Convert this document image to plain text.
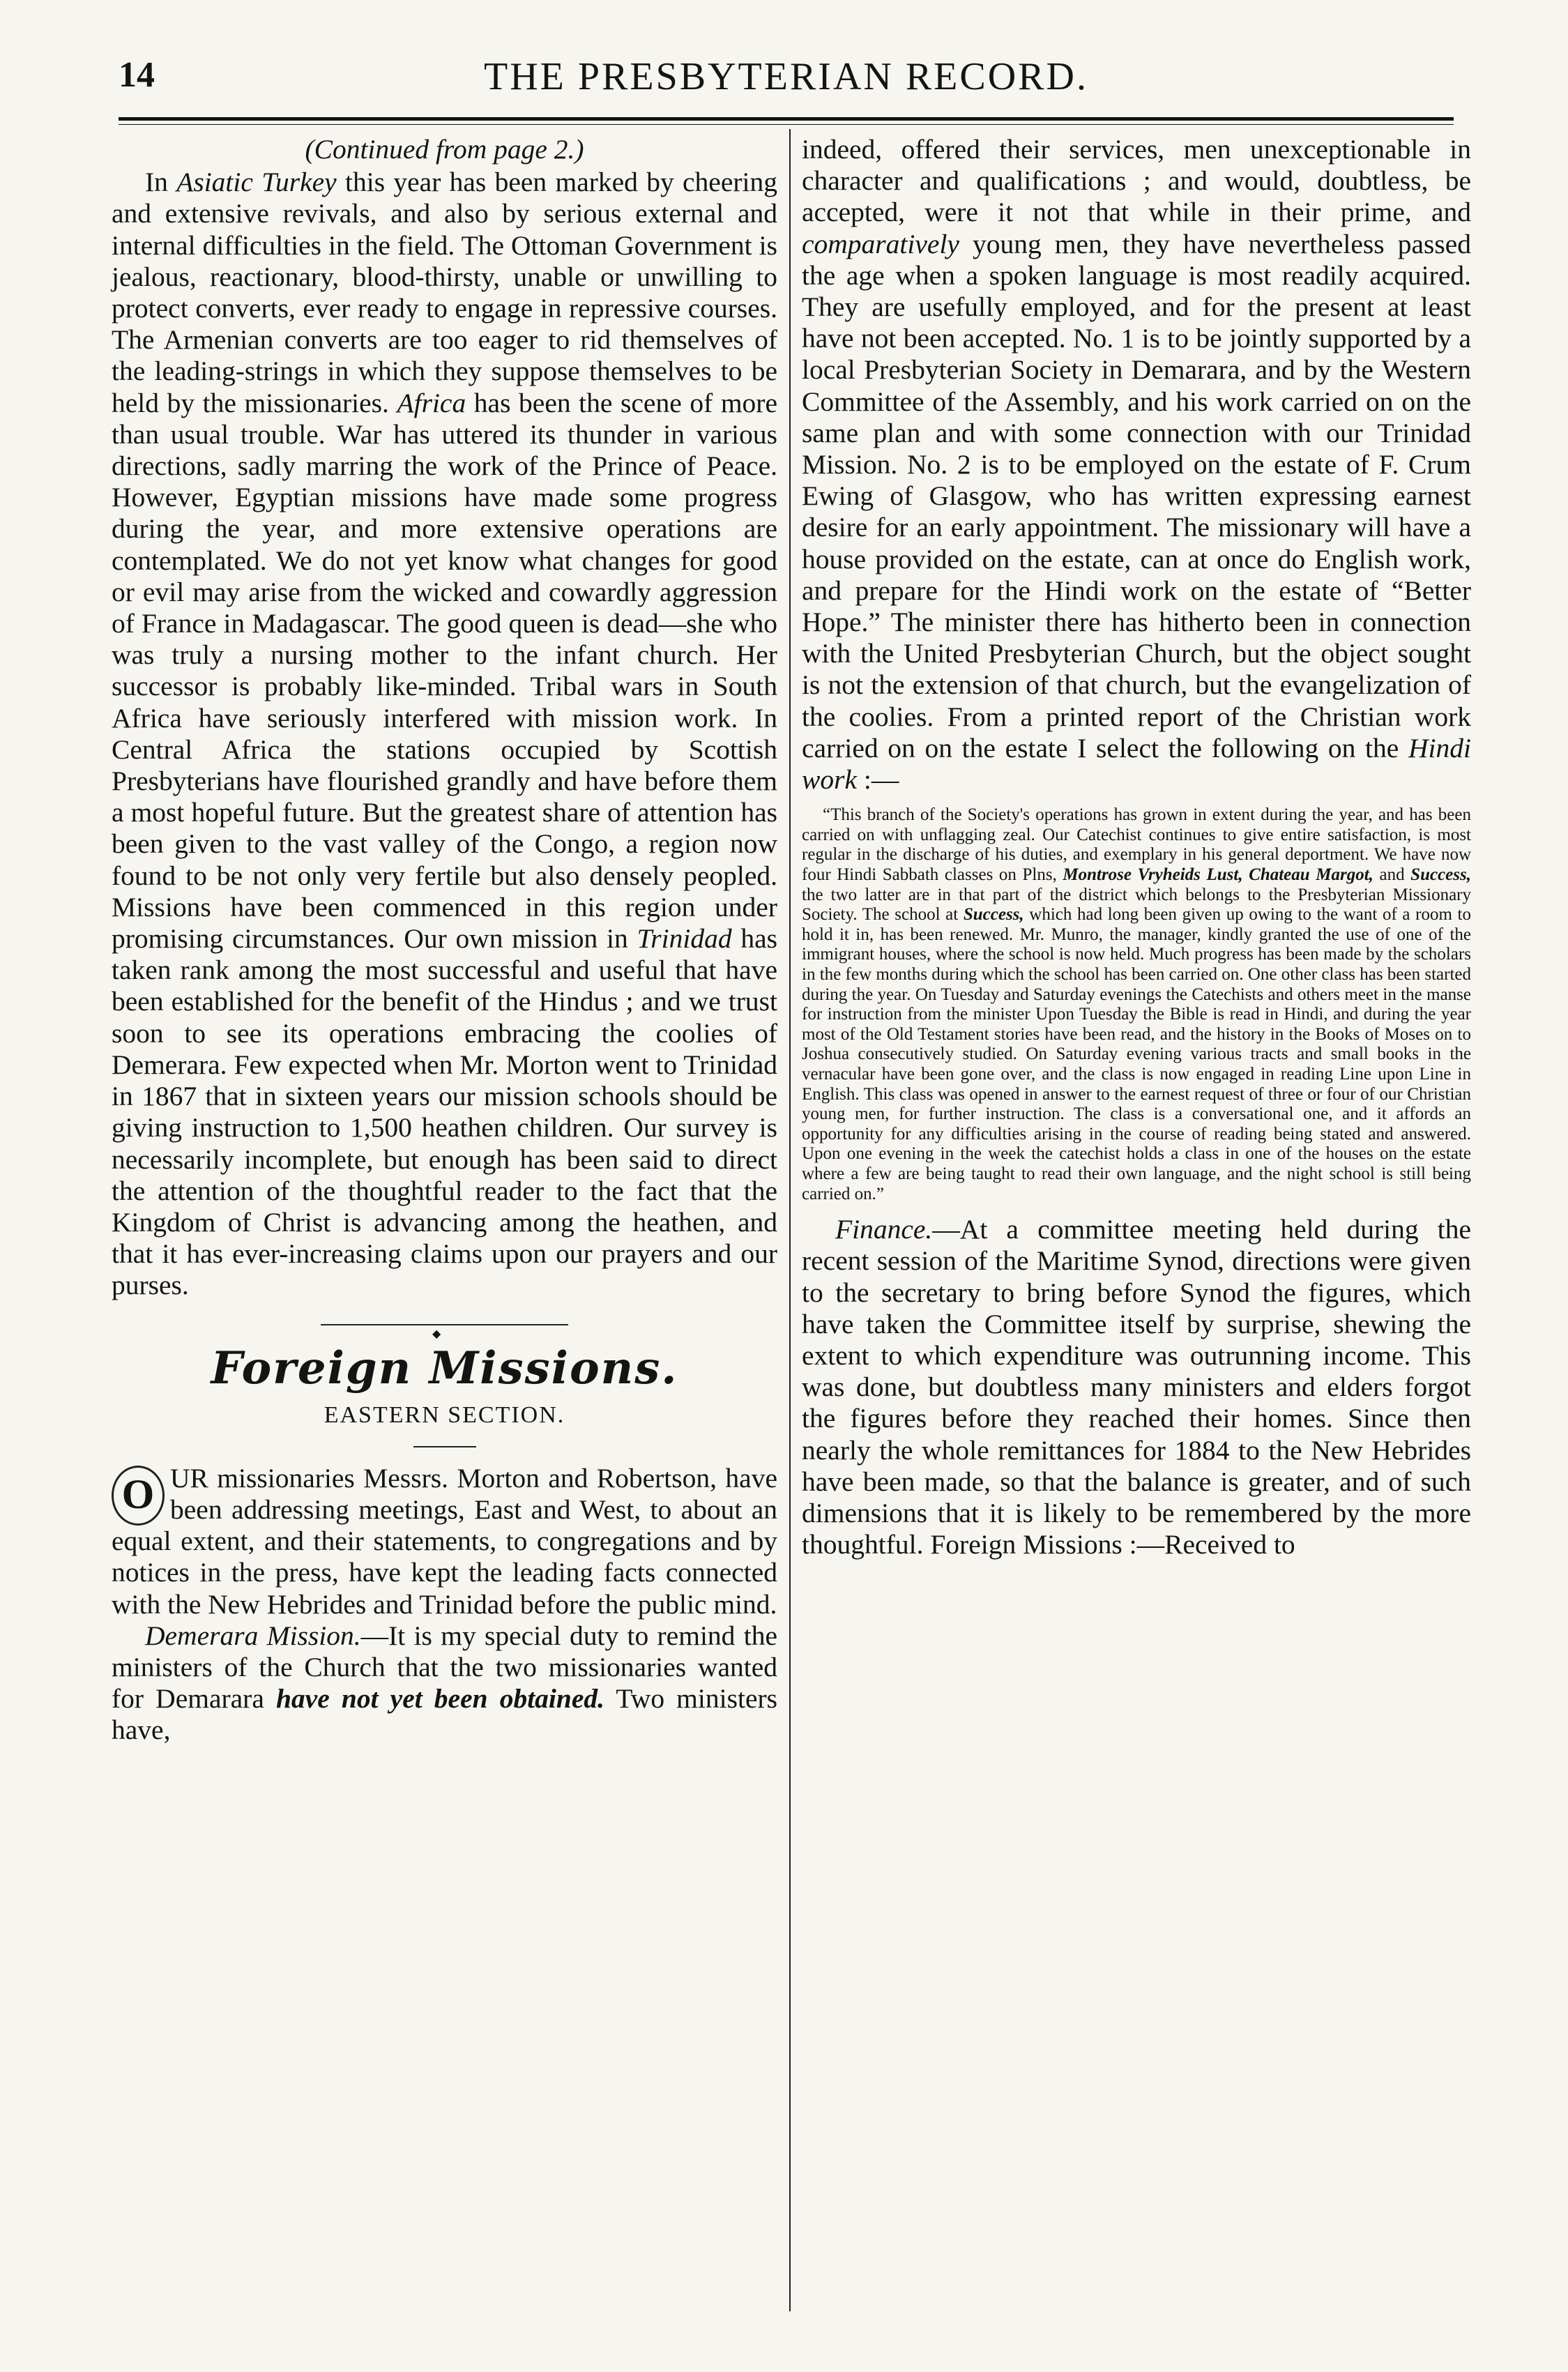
14	THE PRESBYTERIAN RECORD.

(Continued from page 2.)

In Asiatic Turkey this year has been marked by cheering and extensive revivals, and also by serious external and internal difficulties in the field. The Ottoman Government is jealous, reactionary, blood-thirsty, unable or unwilling to protect converts, ever ready to engage in repressive courses. The Armenian converts are too eager to rid themselves of the leading-strings in which they suppose themselves to be held by the missionaries. Africa has been the scene of more than usual trouble. War has uttered its thunder in various directions, sadly marring the work of the Prince of Peace. However, Egyptian missions have made some progress during the year, and more extensive operations are contemplated. We do not yet know what changes for good or evil may arise from the wicked and cowardly aggression of France in Madagascar. The good queen is dead—she who was truly a nursing mother to the infant church. Her successor is probably like-minded. Tribal wars in South Africa have seriously interfered with mission work. In Central Africa the stations occupied by Scottish Presbyterians have flourished grandly and have before them a most hopeful future. But the greatest share of attention has been given to the vast valley of the Congo, a region now found to be not only very fertile but also densely peopled. Missions have been commenced in this region under promising circumstances. Our own mission in Trinidad has taken rank among the most successful and useful that have been established for the benefit of the Hindus ; and we trust soon to see its operations embracing the coolies of Demerara. Few expected when Mr. Morton went to Trinidad in 1867 that in sixteen years our mission schools should be giving instruction to 1,500 heathen children. Our survey is necessarily incomplete, but enough has been said to direct the attention of the thoughtful reader to the fact that the Kingdom of Christ is advancing among the heathen, and that it has ever-increasing claims upon our prayers and our purses.

◆
Foreign Missions.
EASTERN SECTION.

O UR missionaries Messrs. Morton and Robertson, have been addressing meetings, East and West, to about an equal extent, and their statements, to congregations and by notices in the press, have kept the leading facts connected with the New Hebrides and Trinidad before the public mind.

Demerara Mission.—It is my special duty to remind the ministers of the Church that the two missionaries wanted for Demarara have not yet been obtained. Two ministers have,

indeed, offered their services, men unexceptionable in character and qualifications ; and would, doubtless, be accepted, were it not that while in their prime, and comparatively young men, they have nevertheless passed the age when a spoken language is most readily acquired. They are usefully employed, and for the present at least have not been accepted. No. 1 is to be jointly supported by a local Presbyterian Society in Demarara, and by the Western Committee of the Assembly, and his work carried on on the same plan and with some connection with our Trinidad Mission. No. 2 is to be employed on the estate of F. Crum Ewing of Glasgow, who has written expressing earnest desire for an early appointment. The missionary will have a house provided on the estate, can at once do English work, and prepare for the Hindi work on the estate of “Better Hope.” The minister there has hitherto been in connection with the United Presbyterian Church, but the object sought is not the extension of that church, but the evangelization of the coolies. From a printed report of the Christian work carried on on the estate I select the following on the Hindi work :—

“This branch of the Society's operations has grown in extent during the year, and has been carried on with unflagging zeal. Our Catechist continues to give entire satisfaction, is most regular in the discharge of his duties, and exemplary in his general deportment. We have now four Hindi Sabbath classes on Plns, Montrose Vryheids Lust, Chateau Margot, and Success, the two latter are in that part of the district which belongs to the Presbyterian Missionary Society. The school at Success, which had long been given up owing to the want of a room to hold it in, has been renewed. Mr. Munro, the manager, kindly granted the use of one of the immigrant houses, where the school is now held. Much progress has been made by the scholars in the few months during which the school has been carried on. One other class has been started during the year. On Tuesday and Saturday evenings the Catechists and others meet in the manse for instruction from the minister Upon Tuesday the Bible is read in Hindi, and during the year most of the Old Testament stories have been read, and the history in the Books of Moses on to Joshua consecutively studied. On Saturday evening various tracts and small books in the vernacular have been gone over, and the class is now engaged in reading Line upon Line in English. This class was opened in answer to the earnest request of three or four of our Christian young men, for further instruction. The class is a conversational one, and it affords an opportunity for any difficulties arising in the course of reading being stated and answered. Upon one evening in the week the catechist holds a class in one of the houses on the estate where a few are being taught to read their own language, and the night school is still being carried on.”

Finance.—At a committee meeting held during the recent session of the Maritime Synod, directions were given to the secretary to bring before Synod the figures, which have taken the Committee itself by surprise, shewing the extent to which expenditure was outrunning income. This was done, but doubtless many ministers and elders forgot the figures before they reached their homes. Since then nearly the whole remittances for 1884 to the New Hebrides have been made, so that the balance is greater, and of such dimensions that it is likely to be remembered by the more thoughtful. Foreign Missions :—Received to
